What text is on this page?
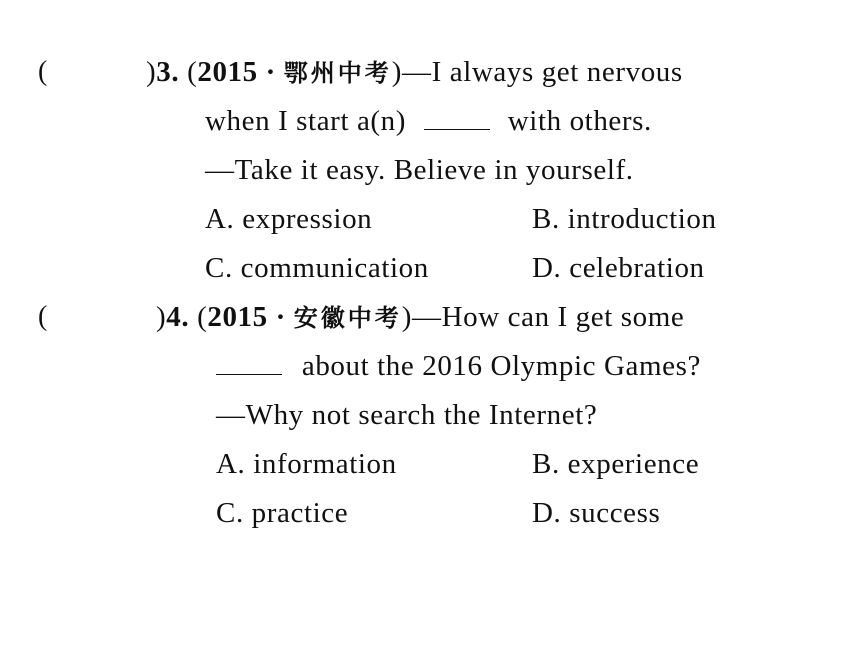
(	)3. (2015 · 鄂州中考)—I always get nervous
when I start a(n)	with others.
—Take it easy. Believe in yourself.
A. expression	B. introduction
C. communication	D. celebration
(	)4. (2015 · 安徽中考)—How can I get some
about the 2016 Olympic Games?
—Why not search the Internet?
A. information	B. experience
C. practice	D. success
